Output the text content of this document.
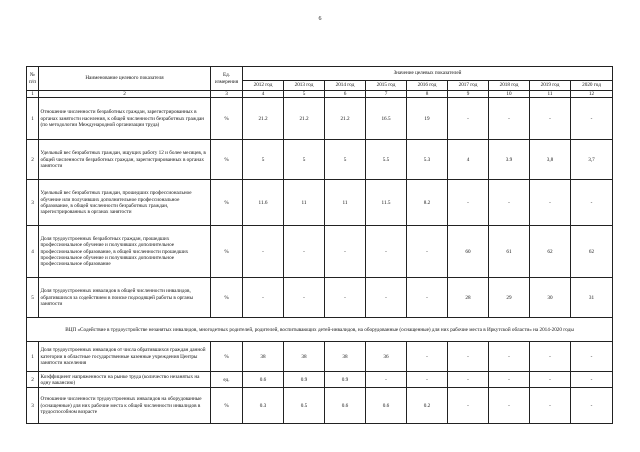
6
№ п/п	Наименование целевого показателя	Ед. измерения	Значение целевых показателей								
			2012 год	2013 год	2014 год	2015 год	2016 год	2017 год	2018 год	2019 год	2020 год
1	2	3	4	5	6	7	8	9	10	11	12
1	Отношение численности безработных граждан, зарегистрированных в органах занятости населения, к общей численности безработных граждан (по методологии Международной организации труда)	%	21.2	21.2	21.2	16.5	19	-	-	-	-
2	Удельный вес безработных граждан, ищущих работу 12 и более месяцев, в общей численности безработных граждан, зарегистрированных в органах занятости	%	5	5	5	5.5	5.3	4	3.9	3,8	3,7
3	Удельный вес безработных граждан, прошедших профессиональное обучение или получивших дополнительное профессиональное образование, в общей численности безработных граждан, зарегистрированных в органах занятости	%	11.6	11	11	11.5	8.2	-	-	-	-
4	Доля трудоустроенных безработных граждан, прошедших профессиональное обучение и получивших дополнительное профессиональное образование, в общей численности прошедших профессиональное обучение и получивших дополнительное профессиональное образование	%	-	-	-	-	-	60	61	62	62
5	Доля трудоустроенных инвалидов в общей численности инвалидов, обратившихся за содействием в поиске подходящей работы в органы занятости	%	-	-	-	-	-	28	29	30	31
ВЦП «Содействие в трудоустройстве незанятых инвалидов, многодетных родителей, родителей, воспитывающих детей-инвалидов, на оборудованные (оснащенные) для них рабочие места в Иркутской области» на 2014-2020 годы											
1	Доля трудоустроенных инвалидов от числа обратившихся граждан данной категории в областные государственные казенные учреждения Центры занятости населения	%	38	38	38	36	-	-	-	-	-
2	Коэффициент напряженности на рынке труда (количество незанятых на одну вакансию)	ед.	0.6	0.9	0.9	-	-	-	-	-	-
3	Отношение численности трудоустроенных инвалидов на оборудованные (оснащенные) для них рабочие места к общей численности инвалидов в трудоспособном возрасте	%	0.3	0.5	0.6	0.6	0.2	-	-	-	-
